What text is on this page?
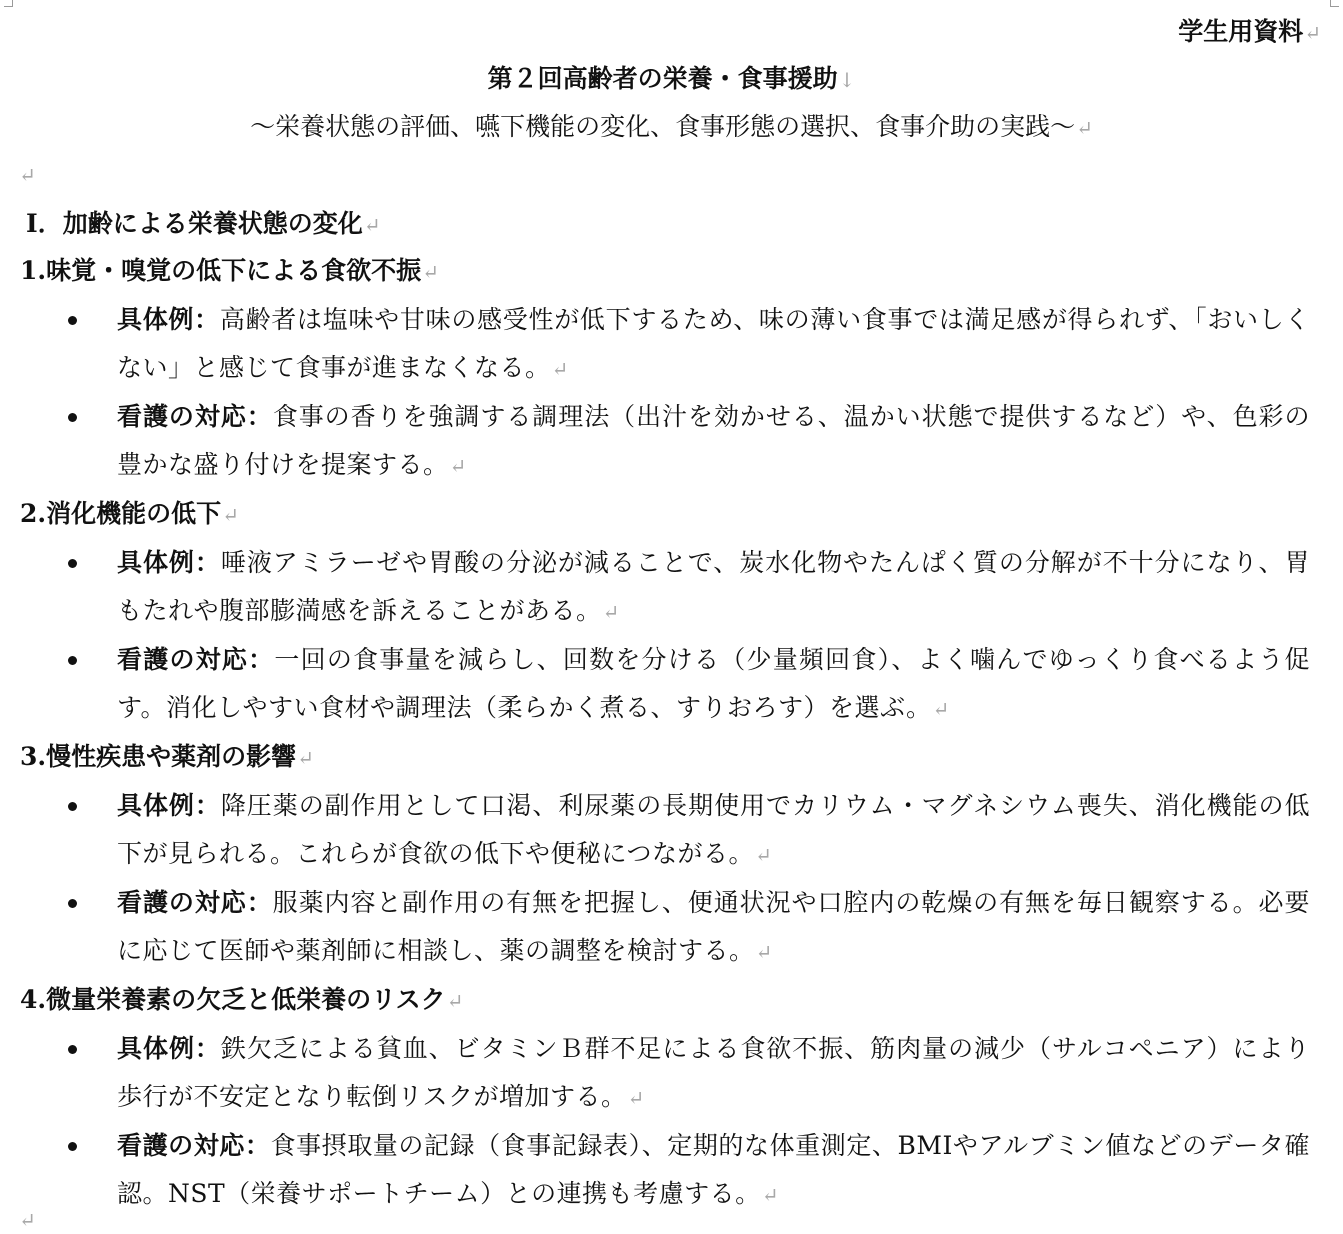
学生用資料↵
第２回高齢者の栄養・食事援助↓
〜栄養状態の評価、嚥下機能の変化、食事形態の選択、食事介助の実践〜↵
↵
Ⅰ．加齢による栄養状態の変化↵
1.味覚・嗅覚の低下による食欲不振↵
具体例：高齢者は塩味や甘味の感受性が低下するため、味の薄い食事では満足感が得られず、「おいしくない」と感じて食事が進まなくなる。↵
看護の対応：食事の香りを強調する調理法（出汁を効かせる、温かい状態で提供するなど）や、色彩の豊かな盛り付けを提案する。↵
2.消化機能の低下↵
具体例：唾液アミラーゼや胃酸の分泌が減ることで、炭水化物やたんぱく質の分解が不十分になり、胃もたれや腹部膨満感を訴えることがある。↵
看護の対応：一回の食事量を減らし、回数を分ける（少量頻回食）、よく噛んでゆっくり食べるよう促す。消化しやすい食材や調理法（柔らかく煮る、すりおろす）を選ぶ。↵
3.慢性疾患や薬剤の影響↵
具体例：降圧薬の副作用として口渇、利尿薬の長期使用でカリウム・マグネシウム喪失、消化機能の低下が見られる。これらが食欲の低下や便秘につながる。↵
看護の対応：服薬内容と副作用の有無を把握し、便通状況や口腔内の乾燥の有無を毎日観察する。必要に応じて医師や薬剤師に相談し、薬の調整を検討する。↵
4.微量栄養素の欠乏と低栄養のリスク↵
具体例：鉄欠乏による貧血、ビタミンＢ群不足による食欲不振、筋肉量の減少（サルコペニア）により歩行が不安定となり転倒リスクが増加する。↵
看護の対応：食事摂取量の記録（食事記録表）、定期的な体重測定、BMIやアルブミン値などのデータ確認。NST（栄養サポートチーム）との連携も考慮する。↵
↵
